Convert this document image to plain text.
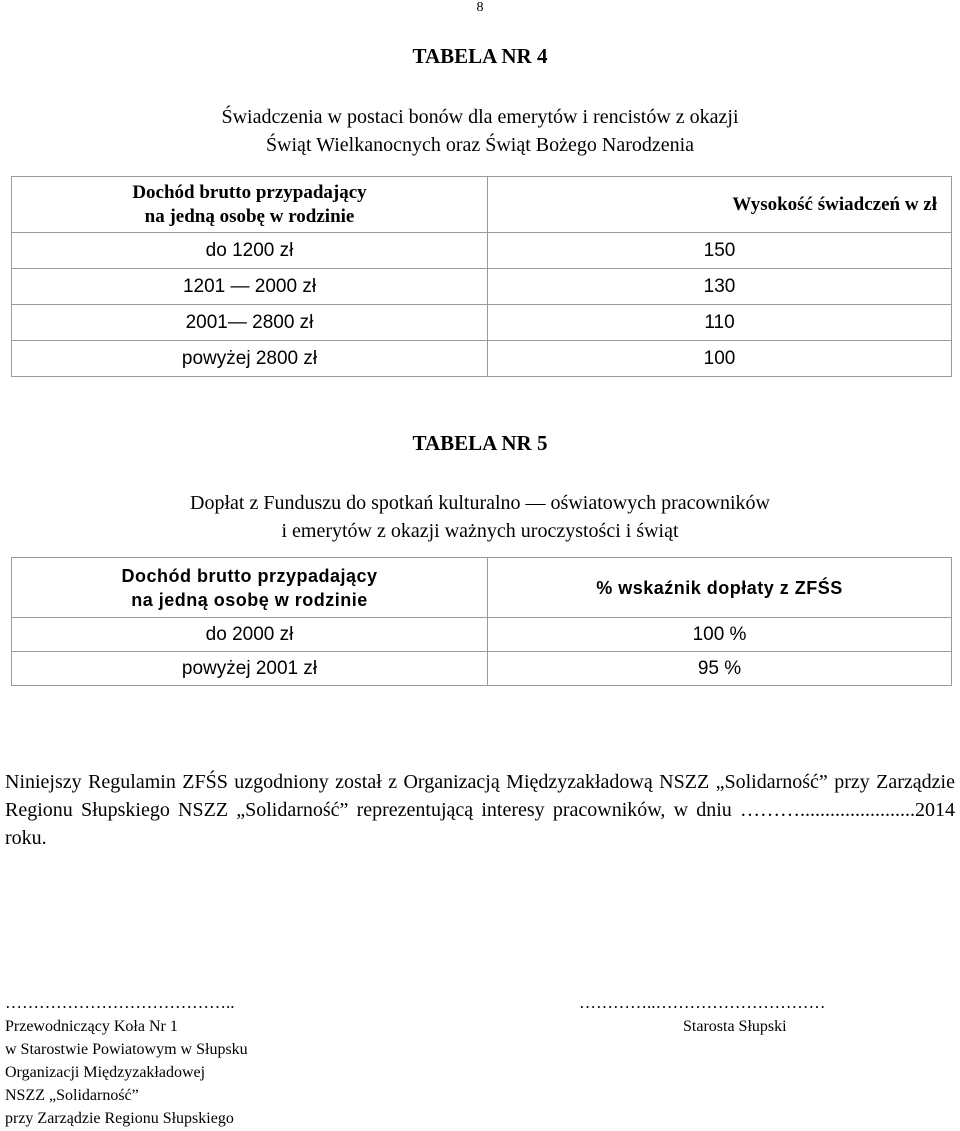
8
TABELA NR 4
Świadczenia w postaci bonów dla emerytów i rencistów z okazji
Świąt Wielkanocnych oraz Świąt Bożego Narodzenia
Dochód brutto przypadający
na jedną osobę w rodzinie	Wysokość świadczeń w zł
do 1200 zł	150
1201 — 2000 zł	130
2001— 2800 zł	110
powyżej 2800 zł	100
TABELA NR 5
Dopłat z Funduszu do spotkań kulturalno — oświatowych pracowników
i emerytów z okazji ważnych uroczystości i świąt
Dochód brutto przypadający
na jedną osobę w rodzinie	% wskaźnik dopłaty z ZFŚS
do 2000 zł	100 %
powyżej 2001 zł	95 %
Niniejszy Regulamin ZFŚS uzgodniony został z Organizacją Międzyzakładową NSZZ „Solidarność” przy Zarządzie Regionu Słupskiego NSZZ „Solidarność” reprezentującą interesy pracowników, w dniu ……….......................2014 roku.
…………………………………..
Przewodniczący Koła Nr 1
w Starostwie Powiatowym w Słupsku
Organizacji Międzyzakładowej
NSZZ „Solidarność”
przy Zarządzie Regionu Słupskiego
…………..…………………………
Starosta Słupski
